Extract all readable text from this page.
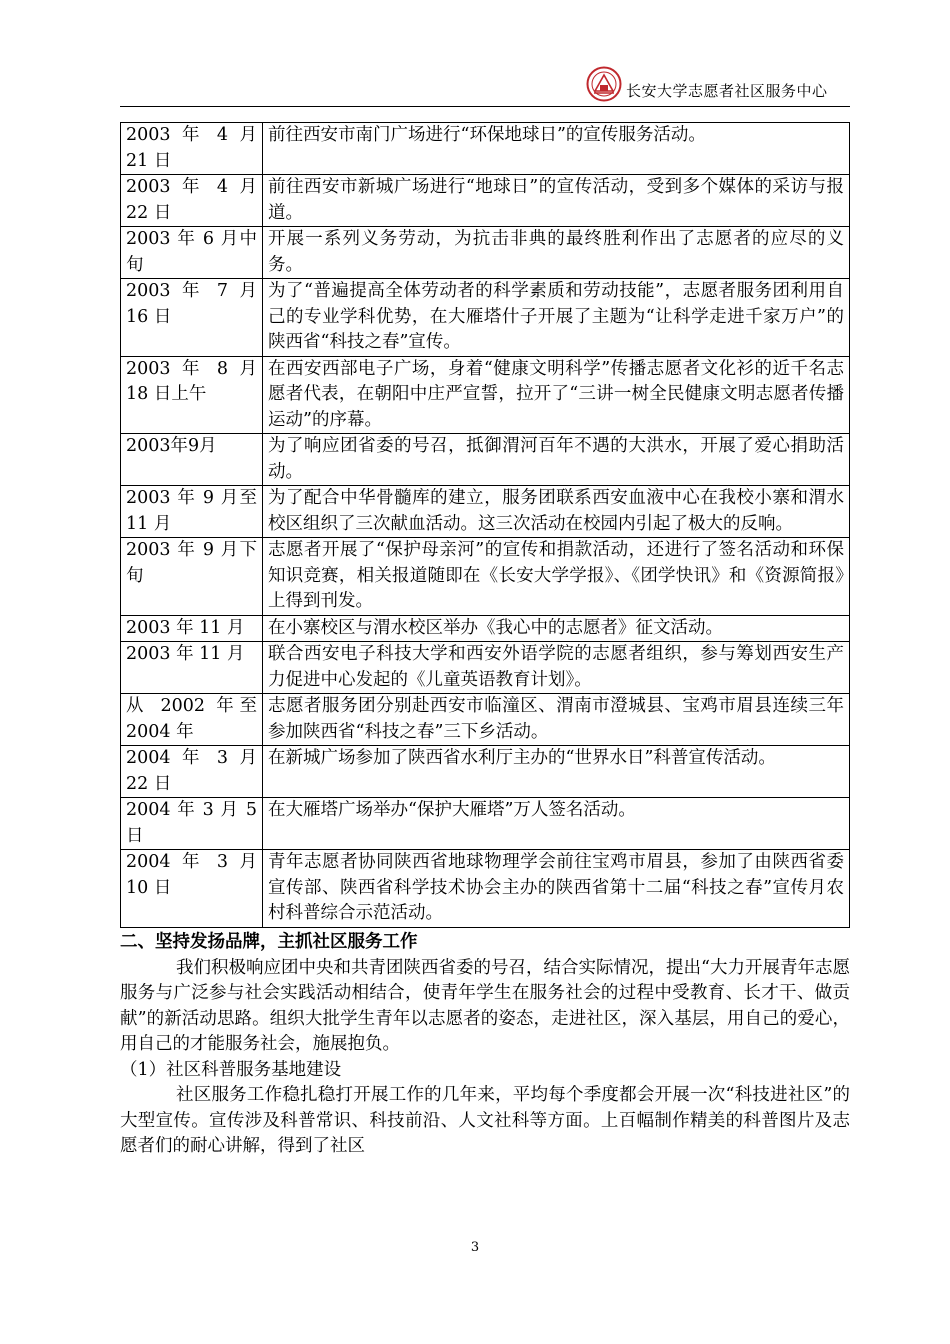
长安大学志愿者社区服务中心
2003 年 4 月 21 日	前往西安市南门广场进行“环保地球日”的宣传服务活动。
2003 年 4 月 22 日	前往西安市新城广场进行“地球日”的宣传活动，受到多个媒体的采访与报道。
2003 年 6 月中旬	开展一系列义务劳动，为抗击非典的最终胜利作出了志愿者的应尽的义务。
2003 年 7 月 16 日	为了“普遍提高全体劳动者的科学素质和劳动技能”，志愿者服务团利用自己的专业学科优势，在大雁塔什子开展了主题为“让科学走进千家万户”的陕西省“科技之春”宣传。
2003 年 8 月 18 日上午	在西安西部电子广场，身着“健康文明科学”传播志愿者文化衫的近千名志愿者代表，在朝阳中庄严宣誓，拉开了“三讲一树全民健康文明志愿者传播运动”的序幕。
2003年9月	为了响应团省委的号召，抵御渭河百年不遇的大洪水，开展了爱心捐助活动。
2003 年 9 月至 11 月	为了配合中华骨髓库的建立，服务团联系西安血液中心在我校小寨和渭水校区组织了三次献血活动。这三次活动在校园内引起了极大的反响。
2003 年 9 月下旬	志愿者开展了“保护母亲河”的宣传和捐款活动，还进行了签名活动和环保知识竞赛，相关报道随即在《长安大学学报》、《团学快讯》和《资源简报》上得到刊发。
2003 年 11 月	在小寨校区与渭水校区举办《我心中的志愿者》征文活动。
2003 年 11 月	联合西安电子科技大学和西安外语学院的志愿者组织，参与筹划西安生产力促进中心发起的《儿童英语教育计划》。
从 2002 年至 2004 年	志愿者服务团分别赴西安市临潼区、渭南市澄城县、宝鸡市眉县连续三年参加陕西省“科技之春”三下乡活动。
2004 年 3 月 22 日	在新城广场参加了陕西省水利厅主办的“世界水日”科普宣传活动。
2004 年 3 月 5 日	在大雁塔广场举办“保护大雁塔”万人签名活动。
2004 年 3 月 10 日	青年志愿者协同陕西省地球物理学会前往宝鸡市眉县，参加了由陕西省委宣传部、陕西省科学技术协会主办的陕西省第十二届“科技之春”宣传月农村科普综合示范活动。
二、坚持发扬品牌，主抓社区服务工作
我们积极响应团中央和共青团陕西省委的号召，结合实际情况，提出“大力开展青年志愿服务与广泛参与社会实践活动相结合，使青年学生在服务社会的过程中受教育、长才干、做贡献”的新活动思路。组织大批学生青年以志愿者的姿态，走进社区，深入基层，用自己的爱心，用自己的才能服务社会，施展抱负。
（1）社区科普服务基地建设
社区服务工作稳扎稳打开展工作的几年来，平均每个季度都会开展一次“科技进社区”的大型宣传。宣传涉及科普常识、科技前沿、人文社科等方面。上百幅制作精美的科普图片及志愿者们的耐心讲解，得到了社区
3
